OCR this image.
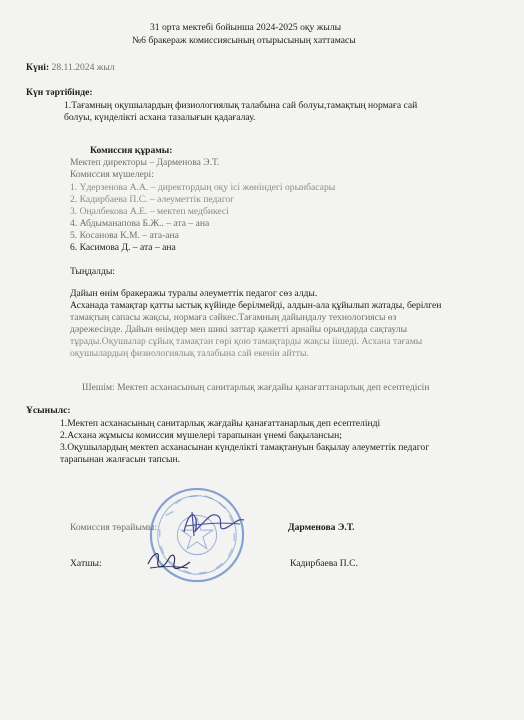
31 орта мектебі бойынша 2024-2025 оқу жылы
№6 бракераж комиссиясының отырысының хаттамасы
Күні: 28.11.2024 жыл
Күн тәртібінде:
1.Тағамның оқушылардың физиологиялық талабына сай болуы,тамақтың нормаға сай
болуы, күнделікті асхана тазалығын қадағалау.
Комиссия құрамы:
Мектеп директоры – Дарменова Э.Т.
Комиссия мүшелері:
1. Үдерзенова А.А. – директордың оқу ісі жөніндегі орынбасары
2. Кадирбаева П.С. – әлеуметтік педагог
3. Оңалбекова А.Е. – мектеп медбикесі
4. Абдыманапова Б.Ж.. – ата – ана
5. Косанова К.М. – ата-ана
6. Касимова Д. – ата – ана
Тыңдалды:
Дайын өнім бракеражы туралы әлеуметтік педагог сөз алды.
Асханада тамақтар қатты ыстық күйінде берілмейді, алдын-ала құйылып жатады, берілген
тамақтың сапасы жақсы, нормаға сәйкес.Тағамның дайындалу технологиясы өз
дәрежесінде. Дайын өнімдер мен шикі заттар қажетті арнайы орындарда сақтаулы
тұрады.Оқушылар сұйық тамақтан гөрі қою тамақтарды жақсы іішеді. Асхана тағамы
оқушылардың физиологиялық талабына сай екенін айтты.
Шешім: Мектеп асханасының санитарлық жағдайы қанағаттанарлық деп есептедісін
Ұсынылс:
1.Мектеп асханасының санитарлық жағдайы қанағаттанарлық деп есептелінді
2.Асхана жұмысы комиссия мүшелері тарапынан үнемі бақылансын;
3.Оқушылардың мектеп асханасынан күнделікті тамақтануын бақылау әлеуметтік педагог
тарапынан жалғасын тапсын.
Комиссия төрайымы:	Дарменова Э.Т.
Хатшы:	Кадирбаева П.С.
